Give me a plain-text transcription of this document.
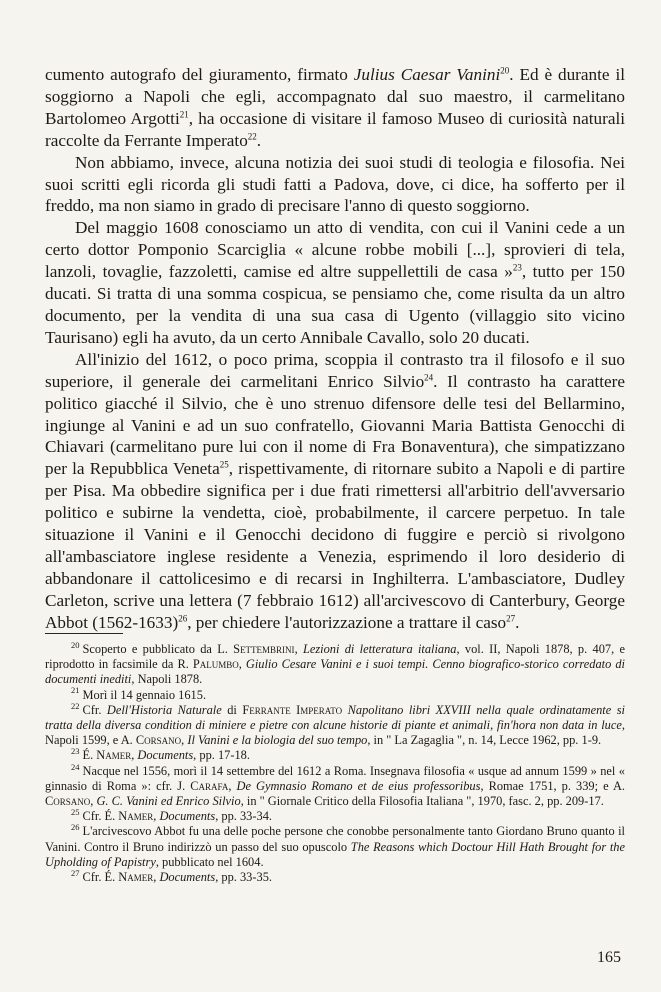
cumento autografo del giuramento, firmato Julius Caesar Vanini$^{20}$. Ed è durante il soggiorno a Napoli che egli, accompagnato dal suo maestro, il carmelitano Bartolomeo Argotti$^{21}$, ha occasione di visitare il famoso Museo di curiosità naturali raccolte da Ferrante Imperato$^{22}$.

Non abbiamo, invece, alcuna notizia dei suoi studi di teologia e filosofia. Nei suoi scritti egli ricorda gli studi fatti a Padova, dove, ci dice, ha sofferto per il freddo, ma non siamo in grado di precisare l'anno di questo soggiorno.

Del maggio 1608 conosciamo un atto di vendita, con cui il Vanini cede a un certo dottor Pomponio Scarciglia « alcune robbe mobili [...], sprovieri di tela, lanzoli, tovaglie, fazzoletti, camise ed altre suppellettili de casa »$^{23}$, tutto per 150 ducati. Si tratta di una somma cospicua, se pensiamo che, come risulta da un altro documento, per la vendita di una sua casa di Ugento (villaggio sito vicino Taurisano) egli ha avuto, da un certo Annibale Cavallo, solo 20 ducati.

All'inizio del 1612, o poco prima, scoppia il contrasto tra il filosofo e il suo superiore, il generale dei carmelitani Enrico Silvio$^{24}$. Il contrasto ha carattere politico giacché il Silvio, che è uno strenuo difensore delle tesi del Bellarmino, ingiunge al Vanini e ad un suo confratello, Giovanni Maria Battista Genocchi di Chiavari (carmelitano pure lui con il nome di Fra Bonaventura), che simpatizzano per la Repubblica Veneta$^{25}$, rispettivamente, di ritornare subito a Napoli e di partire per Pisa. Ma obbedire significa per i due frati rimettersi all'arbitrio dell'avversario politico e subirne la vendetta, cioè, probabilmente, il carcere perpetuo. In tale situazione il Vanini e il Genocchi decidono di fuggire e perciò si rivolgono all'ambasciatore inglese residente a Venezia, esprimendo il loro desiderio di abbandonare il cattolicesimo e di recarsi in Inghilterra. L'ambasciatore, Dudley Carleton, scrive una lettera (7 febbraio 1612) all'arcivescovo di Canterbury, George Abbot (1562-1633)$^{26}$, per chiedere l'autorizzazione a trattare il caso$^{27}$.

$^{20}$ Scoperto e pubblicato da L. Settembrini, Lezioni di letteratura italiana, vol. II, Napoli 1878, p. 407, e riprodotto in facsimile da R. Palumbo, Giulio Cesare Vanini e i suoi tempi. Cenno biografico-storico corredato di documenti inediti, Napoli 1878.

$^{21}$ Morì il 14 gennaio 1615.

$^{22}$ Cfr. Dell'Historia Naturale di Ferrante Imperato Napolitano libri XXVIII nella quale ordinatamente si tratta della diversa condition di miniere e pietre con alcune historie di piante et animali, fin'hora non data in luce, Napoli 1599, e A. Corsano, Il Vanini e la biologia del suo tempo, in " La Zagaglia ", n. 14, Lecce 1962, pp. 1-9.

$^{23}$ É. Namer, Documents, pp. 17-18.

$^{24}$ Nacque nel 1556, morì il 14 settembre del 1612 a Roma. Insegnava filosofia « usque ad annum 1599 » nel « ginnasio di Roma »: cfr. J. Carafa, De Gymnasio Romano et de eius professoribus, Romae 1751, p. 339; e A. Corsano, G. C. Vanini ed Enrico Silvio, in " Giornale Critico della Filosofia Italiana ", 1970, fasc. 2, pp. 209-17.

$^{25}$ Cfr. É. Namer, Documents, pp. 33-34.

$^{26}$ L'arcivescovo Abbot fu una delle poche persone che conobbe personalmente tanto Giordano Bruno quanto il Vanini. Contro il Bruno indirizzò un passo del suo opuscolo The Reasons which Doctour Hill Hath Brought for the Upholding of Papistry, pubblicato nel 1604.

$^{27}$ Cfr. É. Namer, Documents, pp. 33-35.

165
